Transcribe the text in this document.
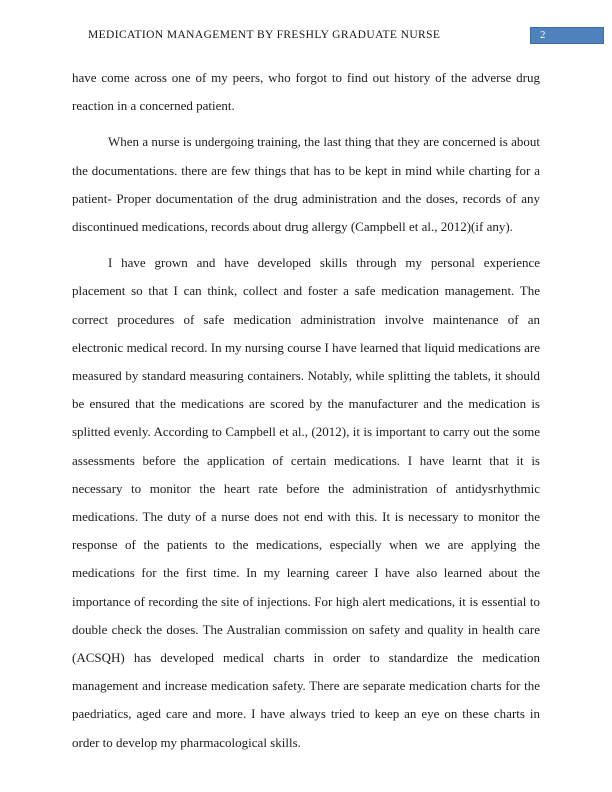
MEDICATION MANAGEMENT BY FRESHLY GRADUATE NURSE	2

have come across one of my peers, who forgot to find out history of the adverse drug reaction in a concerned patient.

When a nurse is undergoing training, the last thing that they are concerned is about the documentations. there are few things that has to be kept in mind while charting for a patient- Proper documentation of the drug administration and the doses, records of any discontinued medications, records about drug allergy (Campbell et al., 2012)(if any).

I have grown and have developed skills through my personal experience placement so that I can think, collect and foster a safe medication management. The correct procedures of safe medication administration involve maintenance of an electronic medical record. In my nursing course I have learned that liquid medications are measured by standard measuring containers. Notably, while splitting the tablets, it should be ensured that the medications are scored by the manufacturer and the medication is splitted evenly. According to Campbell et al., (2012), it is important to carry out the some assessments before the application of certain medications. I have learnt that it is necessary to monitor the heart rate before the administration of antidysrhythmic medications. The duty of a nurse does not end with this. It is necessary to monitor the response of the patients to the medications, especially when we are applying the medications for the first time. In my learning career I have also learned about the importance of recording the site of injections. For high alert medications, it is essential to double check the doses. The Australian commission on safety and quality in health care (ACSQH) has developed medical charts in order to standardize the medication management and increase medication safety. There are separate medication charts for the paedriatics, aged care and more. I have always tried to keep an eye on these charts in order to develop my pharmacological skills.
